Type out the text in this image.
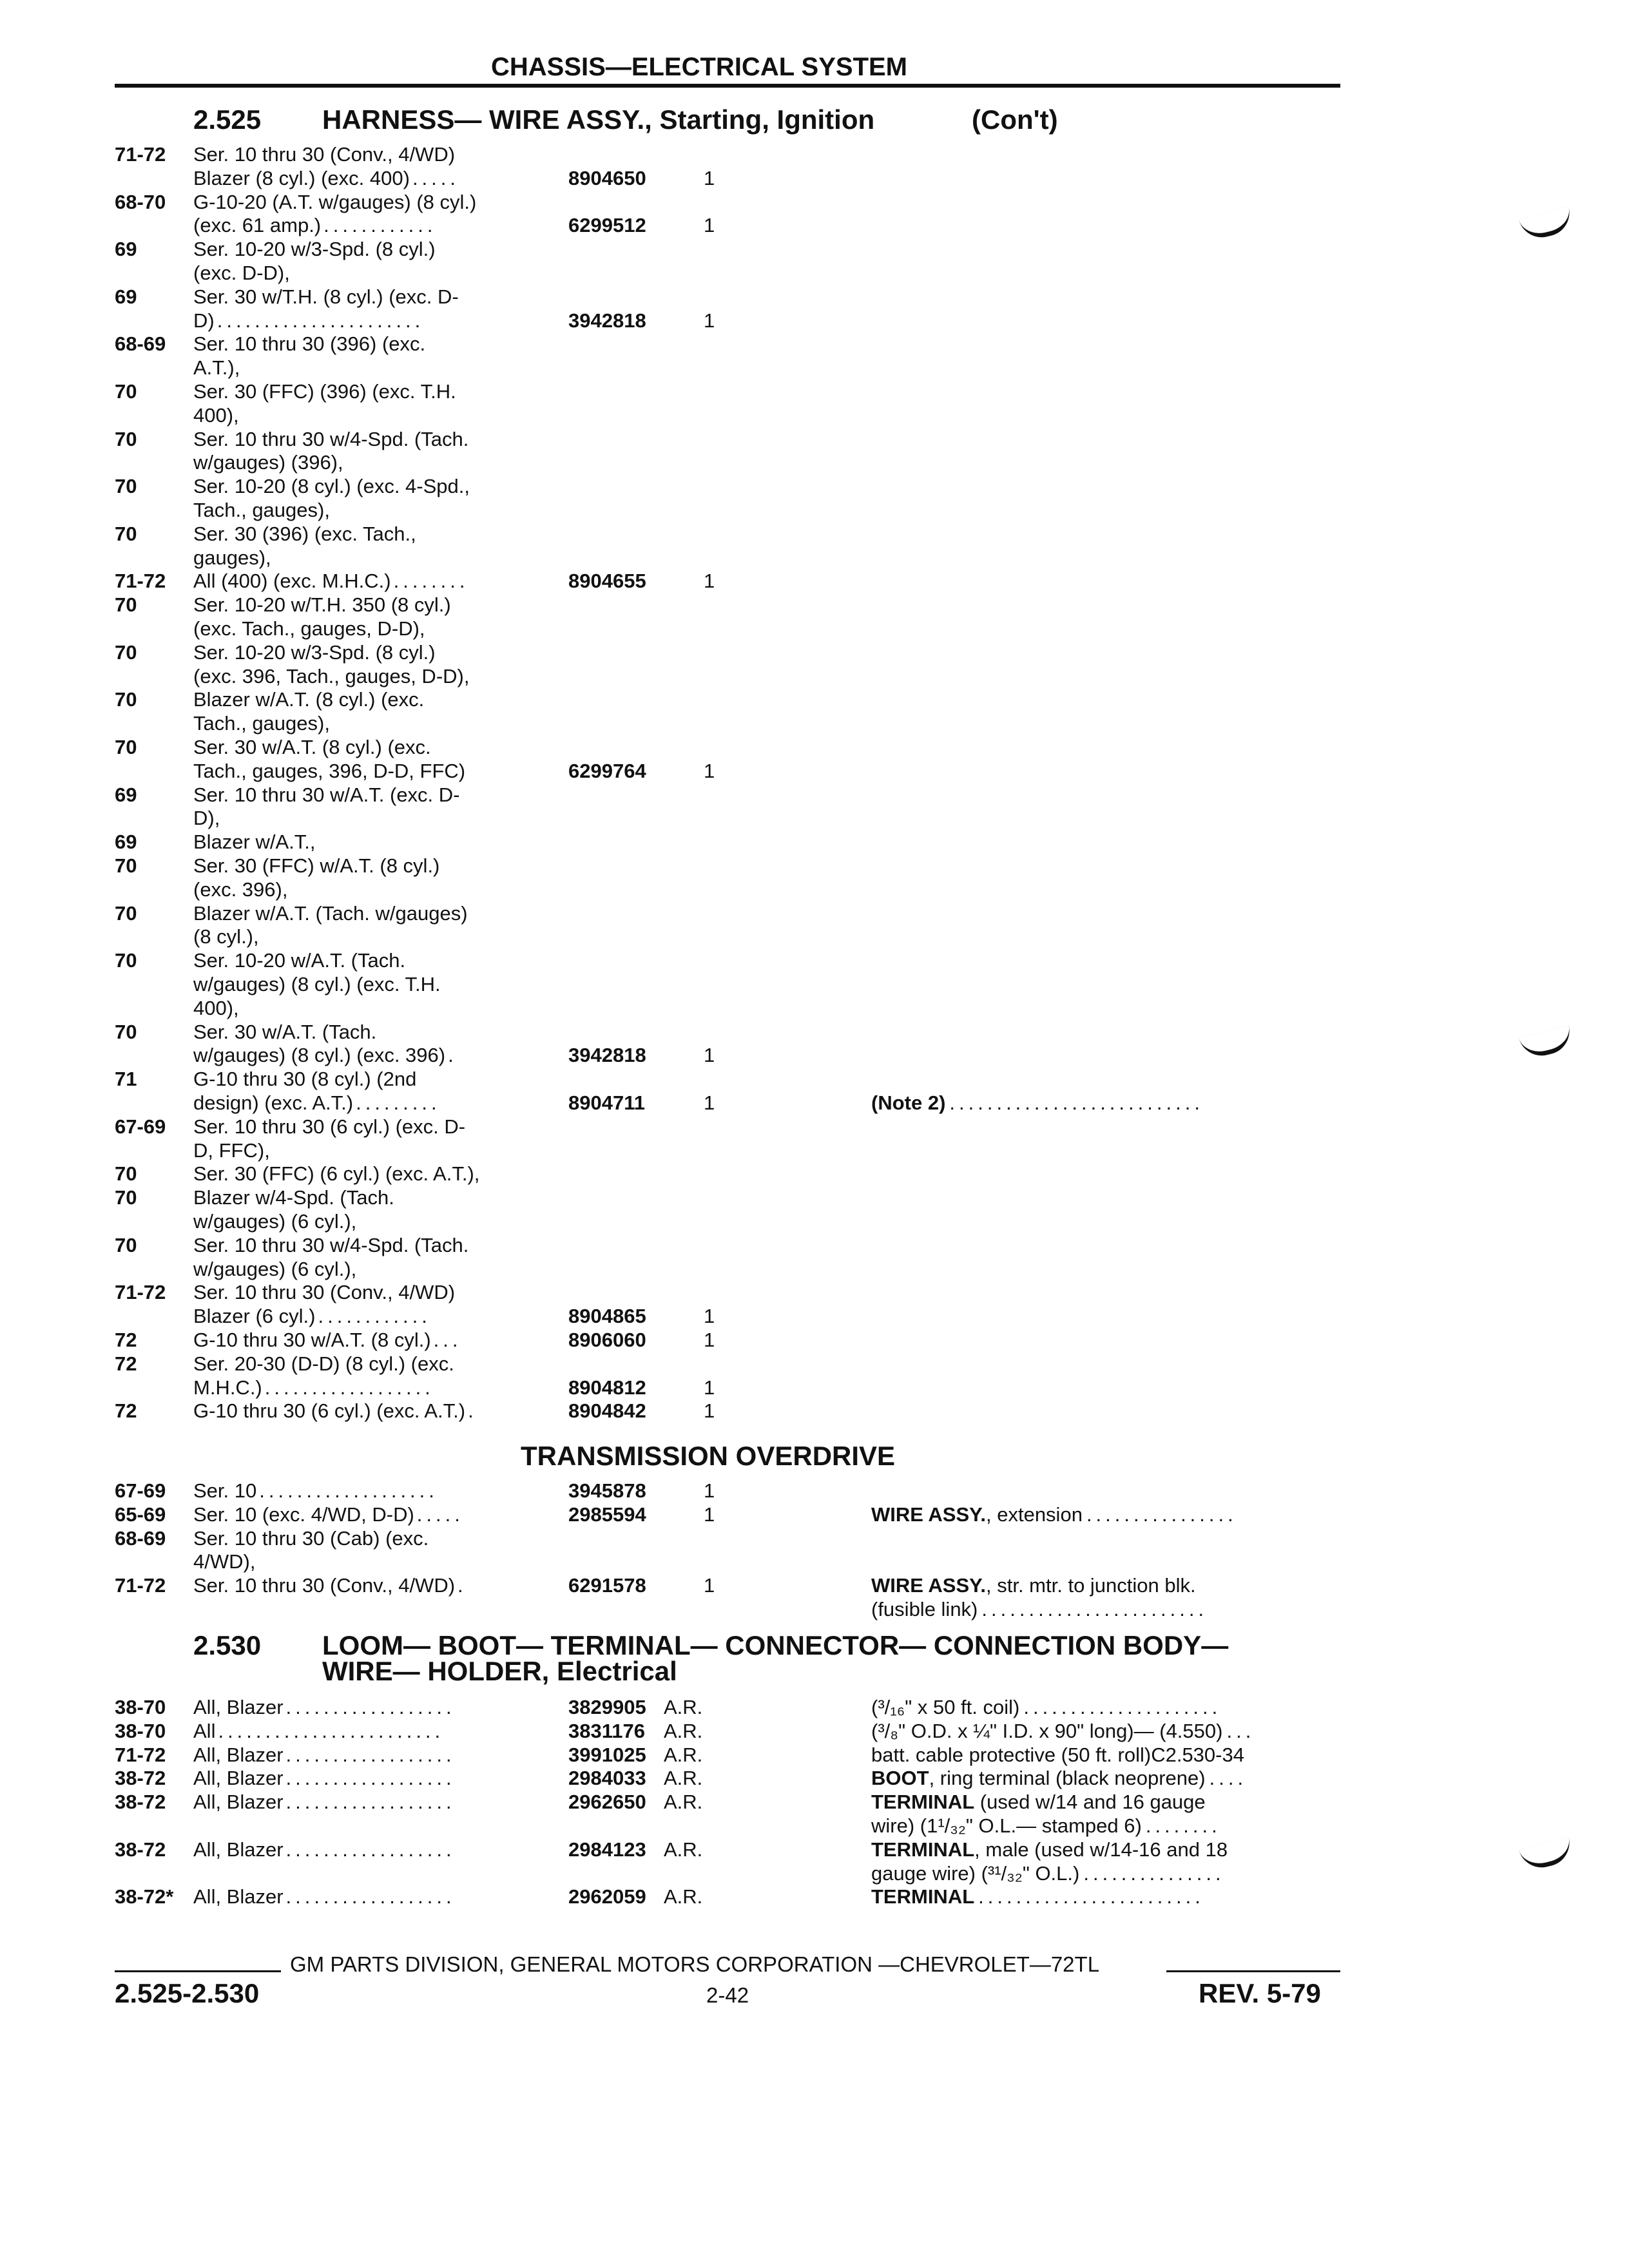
CHASSIS—ELECTRICAL SYSTEM
2.525 HARNESS— WIRE ASSY., Starting, Ignition	(Con't)
71-72 Ser. 10 thru 30 (Conv., 4/WD)
Blazer (8 cyl.) (exc. 400) .....	8904650	1
68-70 G-10-20 (A.T. w/gauges) (8 cyl.)
(exc. 61 amp.) ............	6299512	1
69	Ser. 10-20 w/3-Spd. (8 cyl.)
(exc. D-D),
69	Ser. 30 w/T.H. (8 cyl.) (exc. D-
D) ......................	3942818	1
68-69 Ser. 10 thru 30 (396) (exc.
A.T.),
70	Ser. 30 (FFC) (396) (exc. T.H.
400),
70	Ser. 10 thru 30 w/4-Spd. (Tach.
w/gauges) (396),
70	Ser. 10-20 (8 cyl.) (exc. 4-Spd.,
Tach., gauges),
70	Ser. 30 (396) (exc. Tach.,
gauges),
71-72 All (400) (exc. M.H.C.) ........	8904655	1
70	Ser. 10-20 w/T.H. 350 (8 cyl.)
(exc. Tach., gauges, D-D),
70	Ser. 10-20 w/3-Spd. (8 cyl.)
(exc. 396, Tach., gauges, D-D),
70	Blazer w/A.T. (8 cyl.) (exc.
Tach., gauges),
70	Ser. 30 w/A.T. (8 cyl.) (exc.
Tach., gauges, 396, D-D, FFC)	6299764	1
69	Ser. 10 thru 30 w/A.T. (exc. D-
D),
69	Blazer w/A.T.,
70	Ser. 30 (FFC) w/A.T. (8 cyl.)
(exc. 396),
70	Blazer w/A.T. (Tach. w/gauges)
(8 cyl.),
70	Ser. 10-20 w/A.T. (Tach.
w/gauges) (8 cyl.) (exc. T.H.
400),
70	Ser. 30 w/A.T. (Tach.
w/gauges) (8 cyl.) (exc. 396) .	3942818	1
71	G-10 thru 30 (8 cyl.) (2nd
design) (exc. A.T.) .........	8904711	1	(Note 2) ...........................
67-69 Ser. 10 thru 30 (6 cyl.) (exc. D-
D, FFC),
70	Ser. 30 (FFC) (6 cyl.) (exc. A.T.),
70	Blazer w/4-Spd. (Tach.
w/gauges) (6 cyl.),
70	Ser. 10 thru 30 w/4-Spd. (Tach.
w/gauges) (6 cyl.),
71-72 Ser. 10 thru 30 (Conv., 4/WD)
Blazer (6 cyl.) ............	8904865	1
72	G-10 thru 30 w/A.T. (8 cyl.) ...	8906060	1
72	Ser. 20-30 (D-D) (8 cyl.) (exc.
M.H.C.) ..................	8904812	1
72	G-10 thru 30 (6 cyl.) (exc. A.T.) .	8904842	1
TRANSMISSION OVERDRIVE
67-69 Ser. 10 ...................	3945878	1
65-69 Ser. 10 (exc. 4/WD, D-D) .....	2985594	1	WIRE ASSY., extension ................
68-69 Ser. 10 thru 30 (Cab) (exc.
4/WD),
71-72 Ser. 10 thru 30 (Conv., 4/WD) .	6291578	1	WIRE ASSY., str. mtr. to junction blk.
(fusible link) ........................
2.530 LOOM— BOOT— TERMINAL— CONNECTOR— CONNECTION BODY—
WIRE— HOLDER, Electrical
38-70 All, Blazer ..................	3829905 A.R.	(³/₁₆" x 50 ft. coil) .....................
38-70 All ........................	3831176 A.R.	(³/₈" O.D. x ¼" I.D. x 90" long)— (4.550) ...
71-72 All, Blazer ..................	3991025 A.R.	batt. cable protective (50 ft. roll)C2.530-34
38-72 All, Blazer ..................	2984033 A.R.	BOOT, ring terminal (black neoprene) ....
38-72 All, Blazer ..................	2962650 A.R.	TERMINAL (used w/14 and 16 gauge
wire) (1¹/₃₂" O.L.— stamped 6) ........
38-72 All, Blazer ..................	2984123 A.R.	TERMINAL, male (used w/14-16 and 18
gauge wire) (³¹/₃₂" O.L.) ...............
38-72* All, Blazer ..................	2962059 A.R.	TERMINAL ........................
GM PARTS DIVISION, GENERAL MOTORS CORPORATION —CHEVROLET—72TL
2.525-2.530	2-42	REV. 5-79
